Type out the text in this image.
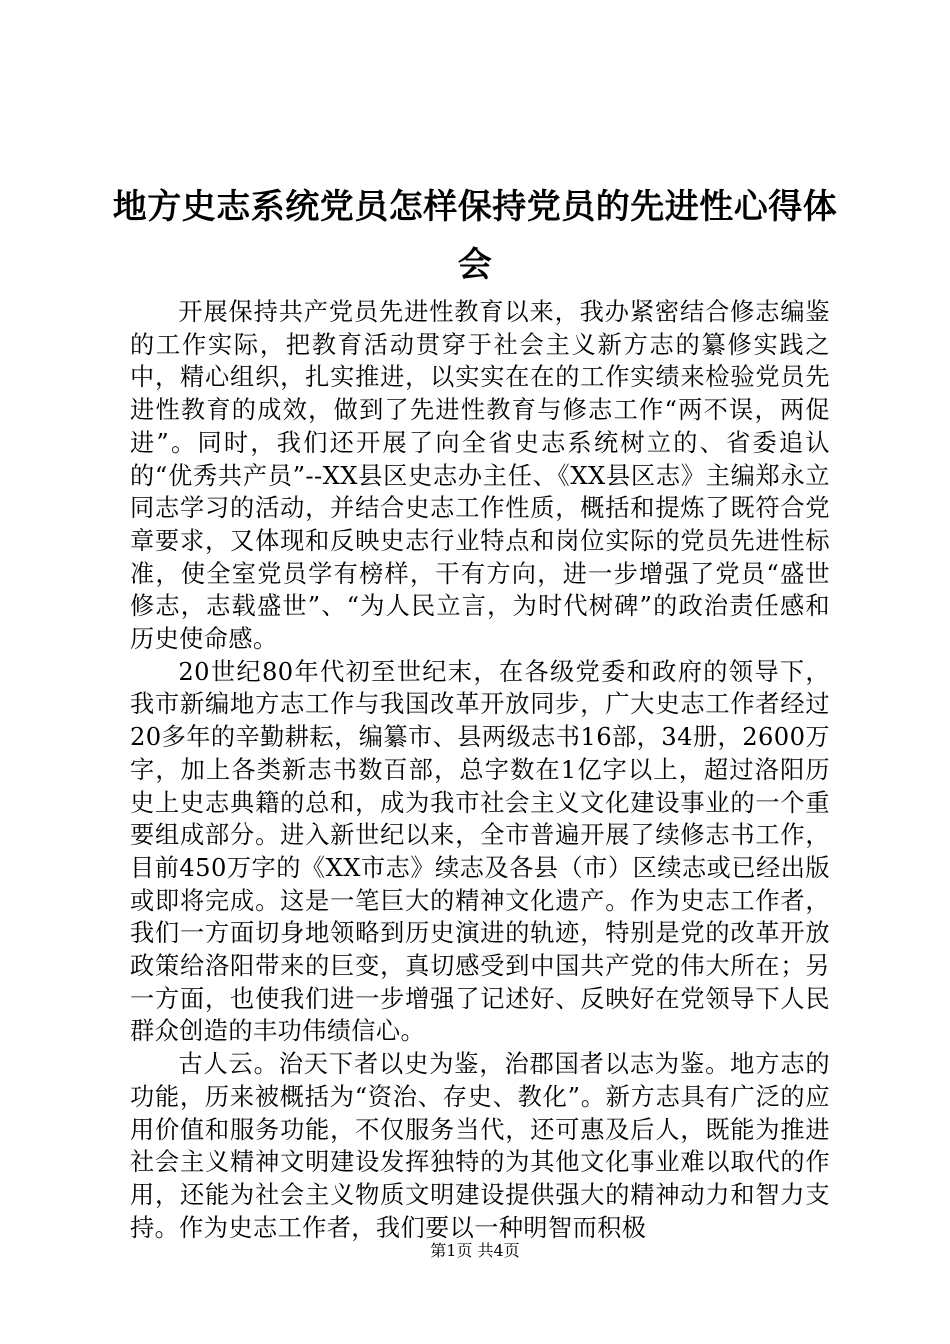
地方史志系统党员怎样保持党员的先进性心得体会

开展保持共产党员先进性教育以来，我办紧密结合修志编鉴的工作实际，把教育活动贯穿于社会主义新方志的纂修实践之中，精心组织，扎实推进，以实实在在的工作实绩来检验党员先进性教育的成效，做到了先进性教育与修志工作“两不误，两促进”。同时，我们还开展了向全省史志系统树立的、省委追认的“优秀共产员”--XX县区史志办主任、《XX县区志》主编郑永立同志学习的活动，并结合史志工作性质，概括和提炼了既符合党章要求，又体现和反映史志行业特点和岗位实际的党员先进性标准，使全室党员学有榜样，干有方向，进一步增强了党员“盛世修志，志载盛世”、“为人民立言，为时代树碑”的政治责任感和历史使命感。

20世纪80年代初至世纪末，在各级党委和政府的领导下，我市新编地方志工作与我国改革开放同步，广大史志工作者经过20多年的辛勤耕耘，编纂市、县两级志书16部，34册，2600万字，加上各类新志书数百部，总字数在1亿字以上，超过洛阳历史上史志典籍的总和，成为我市社会主义文化建设事业的一个重要组成部分。进入新世纪以来，全市普遍开展了续修志书工作，目前450万字的《XX市志》续志及各县（市）区续志或已经出版或即将完成。这是一笔巨大的精神文化遗产。作为史志工作者，我们一方面切身地领略到历史演进的轨迹，特别是党的改革开放政策给洛阳带来的巨变，真切感受到中国共产党的伟大所在；另一方面，也使我们进一步增强了记述好、反映好在党领导下人民群众创造的丰功伟绩信心。

古人云。治天下者以史为鉴，治郡国者以志为鉴。地方志的功能，历来被概括为“资治、存史、教化”。新方志具有广泛的应用价值和服务功能，不仅服务当代，还可惠及后人，既能为推进社会主义精神文明建设发挥独特的为其他文化事业难以取代的作用，还能为社会主义物质文明建设提供强大的精神动力和智力支持。作为史志工作者，我们要以一种明智而积极

第1页 共4页
